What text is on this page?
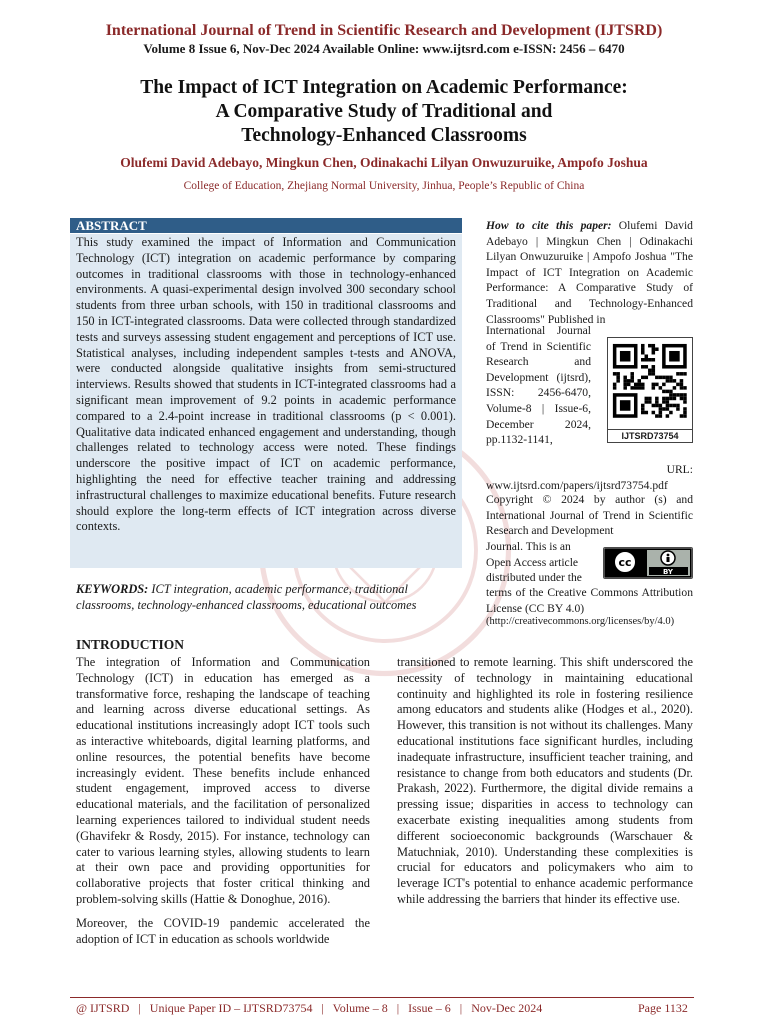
International Journal of Trend in Scientific Research and Development (IJTSRD)
Volume 8 Issue 6, Nov-Dec 2024 Available Online: www.ijtsrd.com e-ISSN: 2456 – 6470
The Impact of ICT Integration on Academic Performance:
A Comparative Study of Traditional and
Technology-Enhanced Classrooms
Olufemi David Adebayo, Mingkun Chen, Odinakachi Lilyan Onwuzuruike, Ampofo Joshua
College of Education, Zhejiang Normal University, Jinhua, People’s Republic of China
ABSTRACT
This study examined the impact of Information and Communication Technology (ICT) integration on academic performance by comparing outcomes in traditional classrooms with those in technology-enhanced environments. A quasi-experimental design involved 300 secondary school students from three urban schools, with 150 in traditional classrooms and 150 in ICT-integrated classrooms. Data were collected through standardized tests and surveys assessing student engagement and perceptions of ICT use. Statistical analyses, including independent samples t-tests and ANOVA, were conducted alongside qualitative insights from semi-structured interviews. Results showed that students in ICT-integrated classrooms had a significant mean improvement of 9.2 points in academic performance compared to a 2.4-point increase in traditional classrooms (p < 0.001). Qualitative data indicated enhanced engagement and understanding, though challenges related to technology access were noted. These findings underscore the positive impact of ICT on academic performance, highlighting the need for effective teacher training and addressing infrastructural challenges to maximize educational benefits. Future research should explore the long-term effects of ICT integration across diverse contexts.
KEYWORDS: ICT integration, academic performance, traditional classrooms, technology-enhanced classrooms, educational outcomes
How to cite this paper: Olufemi David Adebayo | Mingkun Chen | Odinakachi Lilyan Onwuzuruike | Ampofo Joshua "The Impact of ICT Integration on Academic Performance: A Comparative Study of Traditional and Technology-Enhanced Classrooms" Published in
International Journal of Trend in Scientific Research and Development (ijtsrd), ISSN: 2456-6470, Volume-8 | Issue-6, December 2024, pp.1132-1141,
URL:
www.ijtsrd.com/papers/ijtsrd73754.pdf
IJTSRD73754
Copyright © 2024 by author (s) and International Journal of Trend in Scientific Research and Development
Journal. This is an Open Access article distributed under the
cc
BY
terms of the Creative Commons Attribution License (CC BY 4.0)
(http://creativecommons.org/licenses/by/4.0)
INTRODUCTION

The integration of Information and Communication Technology (ICT) in education has emerged as a transformative force, reshaping the landscape of teaching and learning across diverse educational settings. As educational institutions increasingly adopt ICT tools such as interactive whiteboards, digital learning platforms, and online resources, the potential benefits have become increasingly evident. These benefits include enhanced student engagement, improved access to diverse educational materials, and the facilitation of personalized learning experiences tailored to individual student needs (Ghavifekr & Rosdy, 2015). For instance, technology can cater to various learning styles, allowing students to learn at their own pace and providing opportunities for collaborative projects that foster critical thinking and problem-solving skills (Hattie & Donoghue, 2016).

Moreover, the COVID-19 pandemic accelerated the adoption of ICT in education as schools worldwide

transitioned to remote learning. This shift underscored the necessity of technology in maintaining educational continuity and highlighted its role in fostering resilience among educators and students alike (Hodges et al., 2020). However, this transition is not without its challenges. Many educational institutions face significant hurdles, including inadequate infrastructure, insufficient teacher training, and resistance to change from both educators and students (Dr. Prakash, 2022). Furthermore, the digital divide remains a pressing issue; disparities in access to technology can exacerbate existing inequalities among students from different socioeconomic backgrounds (Warschauer & Matuchniak, 2010). Understanding these complexities is crucial for educators and policymakers who aim to leverage ICT's potential to enhance academic performance while addressing the barriers that hinder its effective use.
@ IJTSRD   |   Unique Paper ID – IJTSRD73754   |   Volume – 8   |   Issue – 6   |   Nov-Dec 2024	Page 1132
